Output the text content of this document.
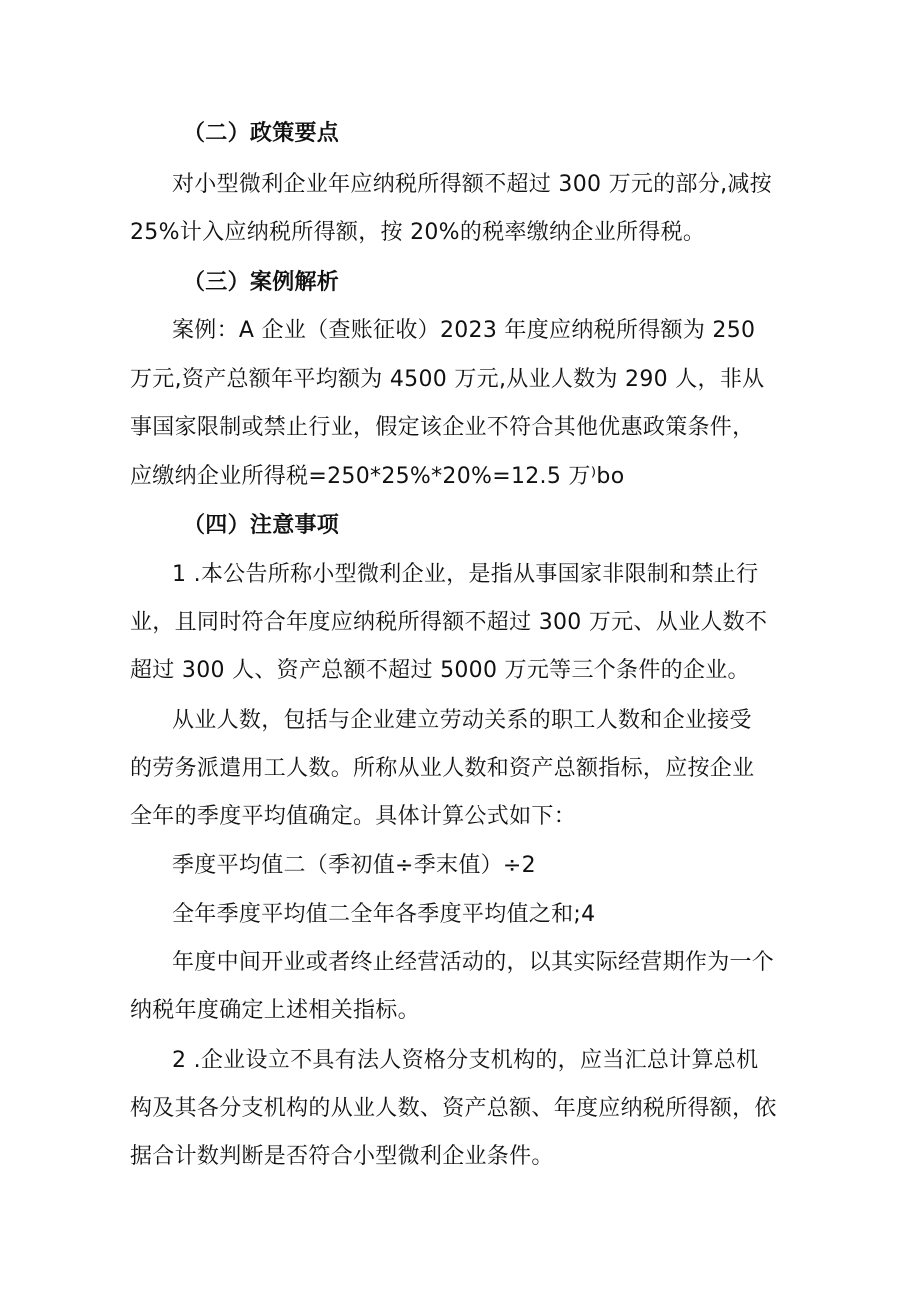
（二）政策要点
对小型微利企业年应纳税所得额不超过 300 万元的部分,减按
25%计入应纳税所得额，按 20%的税率缴纳企业所得税。
（三）案例解析
案例：A 企业（查账征收）2023 年度应纳税所得额为 250
万元,资产总额年平均额为 4500 万元,从业人数为 290 人，非从
事国家限制或禁止行业，假定该企业不符合其他优惠政策条件，
应缴纳企业所得税=250*25%*20%=12.5 万⁾bo
（四）注意事项
1 .本公告所称小型微利企业，是指从事国家非限制和禁止行
业，且同时符合年度应纳税所得额不超过 300 万元、从业人数不
超过 300 人、资产总额不超过 5000 万元等三个条件的企业。
从业人数，包括与企业建立劳动关系的职工人数和企业接受
的劳务派遣用工人数。所称从业人数和资产总额指标，应按企业
全年的季度平均值确定。具体计算公式如下：
季度平均值二（季初值÷季末值）÷2
全年季度平均值二全年各季度平均值之和;4
年度中间开业或者终止经营活动的，以其实际经营期作为一个
纳税年度确定上述相关指标。
2 .企业设立不具有法人资格分支机构的，应当汇总计算总机
构及其各分支机构的从业人数、资产总额、年度应纳税所得额，依
据合计数判断是否符合小型微利企业条件。
